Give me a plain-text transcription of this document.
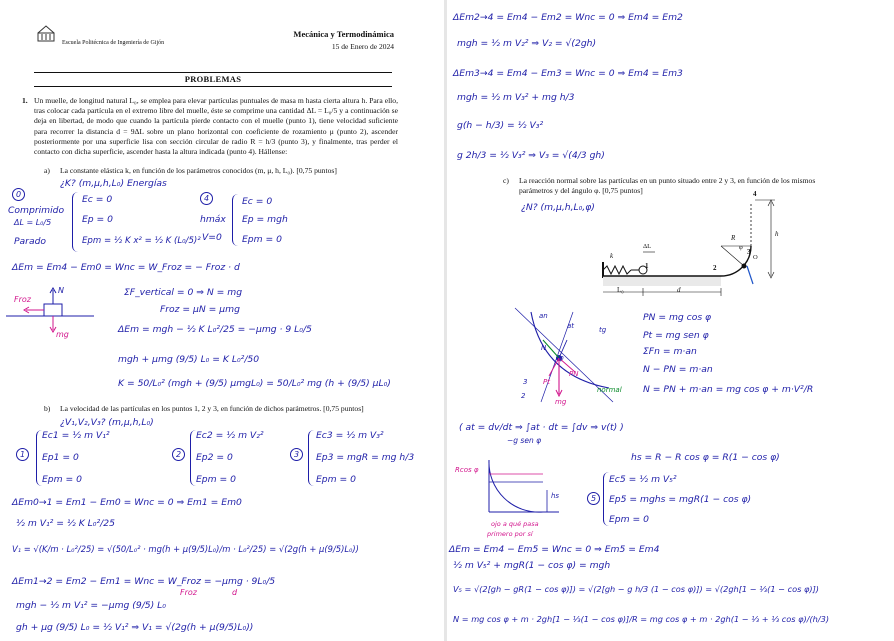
Escuela Politécnica de Ingeniería de Gijón
Mecánica y Termodinámica
15 de Enero de 2024
PROBLEMAS
1. Un muelle, de longitud natural L₀, se emplea para elevar partículas puntuales de masa m hasta cierta altura h. Para ello, tras colocar cada partícula en el extremo libre del muelle, éste se comprime una cantidad ΔL = L₀/5 y a continuación se deja en libertad, de modo que cuando la partícula pierde contacto con el muelle (punto 1), tiene velocidad suficiente para recorrer la distancia d = 9ΔL sobre un plano horizontal con coeficiente de rozamiento μ (punto 2), ascender posteriormente por una superficie lisa con sección circular de radio R = h/3 (punto 3), y finalmente, tras perder el contacto con dicha superficie, ascender hasta la altura indicada (punto 4). Hállense:
a) La constante elástica k, en función de los parámetros conocidos (m, μ, h, L₀). [0,75 puntos]
¿K? (m,μ,h,L₀) Energías
0
Comprimido
ΔL = L₀/5
Parado
Ec = 0
Ep = 0
Epm = ½ K x² = ½ K (L₀/5)²
4
hmáx
V=0
Ec = 0
Ep = mgh
Epm = 0
ΔEm = Em4 − Em0 = Wnc = W_Froz = − Froz · d
Froz
N
mg
ΣF_vertical = 0 ⇒ N = mg
Froz = μN = μmg
ΔEm = mgh − ½ K L₀²/25 = −μmg · 9 L₀/5
mgh + μmg (9/5) L₀ = K L₀²/50
K = 50/L₀² (mgh + (9/5) μmgL₀) = 50/L₀² mg (h + (9/5) μL₀)
b) La velocidad de las partículas en los puntos 1, 2 y 3, en función de dichos parámetros. [0,75 puntos]
¿V₁,V₂,V₃? (m,μ,h,L₀)
1
Ec1 = ½ m V₁²
Ep1 = 0
Epm = 0
2
Ec2 = ½ m V₂²
Ep2 = 0
Epm = 0
3
Ec3 = ½ m V₃²
Ep3 = mgR = mg h/3
Epm = 0
ΔEm0→1 = Em1 − Em0 = Wnc = 0 ⇒ Em1 = Em0
½ m V₁² = ½ K L₀²/25
V₁ = √(K/m · L₀²/25) = √(50/L₀² · mg(h + μ(9/5)L₀)/m · L₀²/25) = √(2g(h + μ(9/5)L₀))
ΔEm1→2 = Em2 − Em1 = Wnc = W_Froz = −μmg · 9L₀/5
Froz	d
mgh − ½ m V₁² = −μmg (9/5) L₀
gh + μg (9/5) L₀ = ½ V₁² ⇒ V₁ = √(2g(h + μ(9/5)L₀))
ΔEm2→4 = Em4 − Em2 = Wnc = 0 ⇒ Em4 = Em2
mgh = ½ m V₂² ⇒ V₂ = √(2gh)
ΔEm3→4 = Em4 − Em3 = Wnc = 0 ⇒ Em4 = Em3
mgh = ½ m V₃² + mg h/3
g(h − h/3) = ½ V₃²
g 2h/3 = ½ V₃² ⇒ V₃ = √(4/3 gh)
c) La reacción normal sobre las partículas en un punto situado entre 2 y 3, en función de los mismos parámetros y del ángulo φ. [0,75 puntos]
¿N? (m,μ,h,L₀,φ)
k
ΔL
L₀	d
1	2
3
4
O
R
φ
h
an
at	tg
N
PN
Pt
φ
normal
mg
3
2
PN = mg cos φ
Pt = mg sen φ
ΣFn = m·an
N − PN = m·an
N = PN + m·an = mg cos φ + m·V²/R
( at = dv/dt ⇒ ∫at · dt = ∫dv ⇒ v(t) )
−g sen φ
hs = R − R cos φ = R(1 − cos φ)
Rcos φ
hs
ojo a qué pasa
primero por sí
5
Ec5 = ½ m V₅²
Ep5 = mghs = mgR(1 − cos φ)
Epm = 0
ΔEm = Em4 − Em5 = Wnc = 0 ⇒ Em5 = Em4
½ m V₅² + mgR(1 − cos φ) = mgh
V₅ = √(2[gh − gR(1 − cos φ)]) = √(2[gh − g h/3 (1 − cos φ)]) = √(2gh[1 − ⅓(1 − cos φ)])
N = mg cos φ + m · 2gh[1 − ⅓(1 − cos φ)]/R = mg cos φ + m · 2gh(1 − ⅓ + ⅓ cos φ)/(h/3)
